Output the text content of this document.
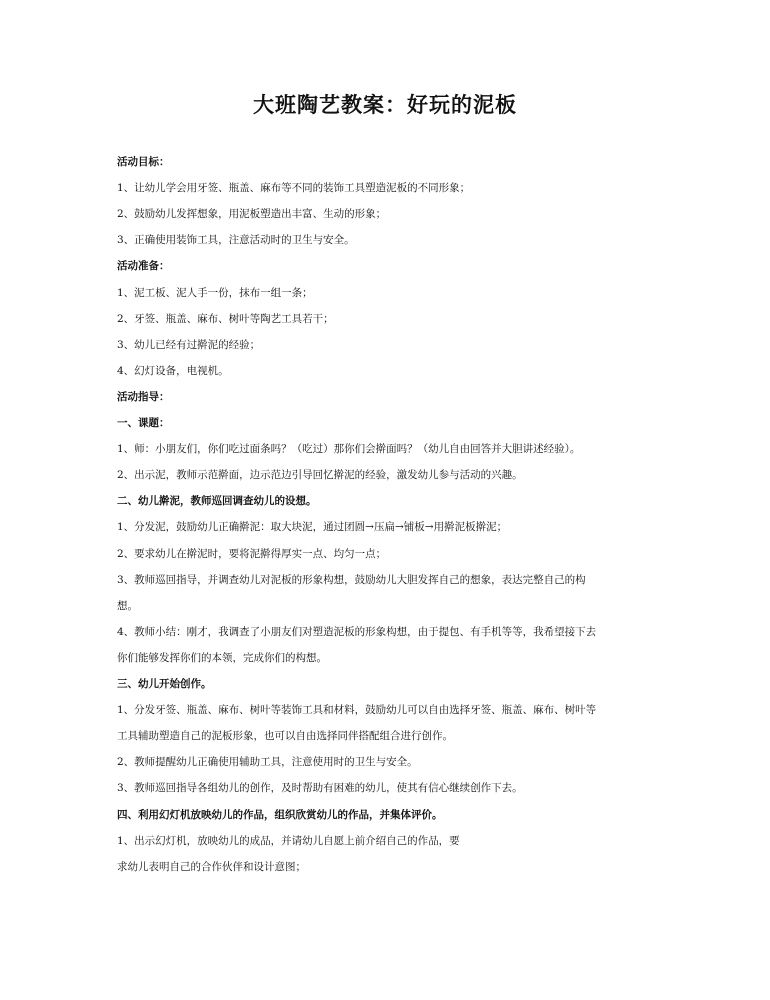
大班陶艺教案：好玩的泥板
活动目标：
1、让幼儿学会用牙签、瓶盖、麻布等不同的装饰工具塑造泥板的不同形象；
2、鼓励幼儿发挥想象，用泥板塑造出丰富、生动的形象；
3、正确使用装饰工具，注意活动时的卫生与安全。
活动准备：
1、泥工板、泥人手一份，抹布一组一条；
2、牙签、瓶盖、麻布、树叶等陶艺工具若干；
3、幼儿已经有过擀泥的经验；
4、幻灯设备，电视机。
活动指导：
一、课题：
1、师：小朋友们，你们吃过面条吗？（吃过）那你们会擀面吗？（幼儿自由回答并大胆讲述经验）。
2、出示泥，教师示范擀面，边示范边引导回忆擀泥的经验，激发幼儿参与活动的兴趣。
二、幼儿擀泥，教师巡回调查幼儿的设想。
1、分发泥，鼓励幼儿正确擀泥：取大块泥，通过团圆→压扁→铺板→用擀泥板擀泥；
2、要求幼儿在擀泥时，要将泥擀得厚实一点、均匀一点；
3、教师巡回指导，并调查幼儿对泥板的形象构想，鼓励幼儿大胆发挥自己的想象，表达完整自己的构
想。
4、教师小结：刚才，我调查了小朋友们对塑造泥板的形象构想，由于提包、有手机等等，我希望接下去
你们能够发挥你们的本领，完成你们的构想。
三、幼儿开始创作。
1、分发牙签、瓶盖、麻布、树叶等装饰工具和材料，鼓励幼儿可以自由选择牙签、瓶盖、麻布、树叶等
工具辅助塑造自己的泥板形象，也可以自由选择同伴搭配组合进行创作。
2、教师提醒幼儿正确使用辅助工具，注意使用时的卫生与安全。
3、教师巡回指导各组幼儿的创作，及时帮助有困难的幼儿，使其有信心继续创作下去。
四、利用幻灯机放映幼儿的作品，组织欣赏幼儿的作品，并集体评价。
1、出示幻灯机，放映幼儿的成品，并请幼儿自愿上前介绍自己的作品，要
求幼儿表明自己的合作伙伴和设计意图；
